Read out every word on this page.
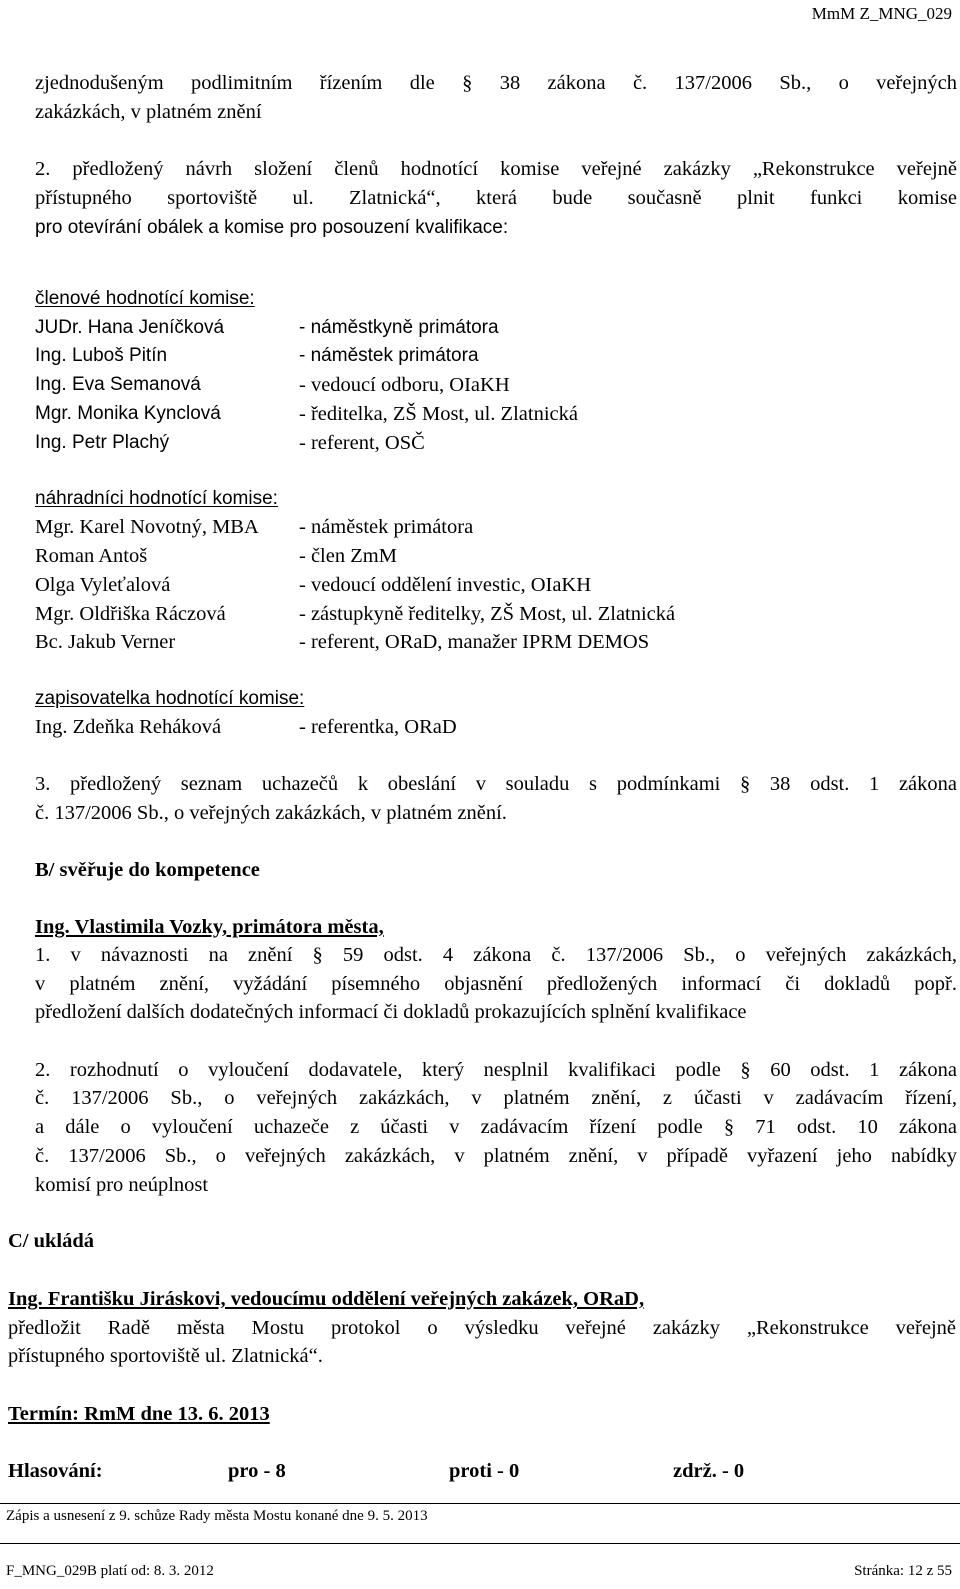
MmM Z_MNG_029
zjednodušeným podlimitním řízením dle § 38 zákona č. 137/2006 Sb., o veřejných
zakázkách, v platném znění
2. předložený návrh složení členů hodnotící komise veřejné zakázky „Rekonstrukce veřejně
přístupného sportoviště ul. Zlatnická“, která bude současně plnit funkci komise
pro otevírání obálek a komise pro posouzení kvalifikace:
členové hodnotící komise:
JUDr. Hana Jeníčková	- náměstkyně primátora
Ing. Luboš Pitín	- náměstek primátora
Ing. Eva Semanová	- vedoucí odboru, OIaKH
Mgr. Monika Kynclová	- ředitelka, ZŠ Most, ul. Zlatnická
Ing. Petr Plachý	- referent, OSČ
náhradníci hodnotící komise:
Mgr. Karel Novotný, MBA - náměstek primátora
Roman Antoš	- člen ZmM
Olga Vyleťalová	- vedoucí oddělení investic, OIaKH
Mgr. Oldřiška Ráczová	- zástupkyně ředitelky, ZŠ Most, ul. Zlatnická
Bc. Jakub Verner	- referent, ORaD, manažer IPRM DEMOS
zapisovatelka hodnotící komise:
Ing. Zdeňka Reháková	- referentka, ORaD
3. předložený seznam uchazečů k obeslání v souladu s podmínkami § 38 odst. 1 zákona
č. 137/2006 Sb., o veřejných zakázkách, v platném znění.
B/ svěřuje do kompetence
Ing. Vlastimila Vozky, primátora města,
1. v návaznosti na znění § 59 odst. 4 zákona č. 137/2006 Sb., o veřejných zakázkách,
v platném znění, vyžádání písemného objasnění předložených informací či dokladů popř.
předložení dalších dodatečných informací či dokladů prokazujících splnění kvalifikace
2. rozhodnutí o vyloučení dodavatele, který nesplnil kvalifikaci podle § 60 odst. 1 zákona
č. 137/2006 Sb., o veřejných zakázkách, v platném znění, z účasti v zadávacím řízení,
a dále o vyloučení uchazeče z účasti v zadávacím řízení podle § 71 odst. 10 zákona
č. 137/2006 Sb., o veřejných zakázkách, v platném znění, v případě vyřazení jeho nabídky
komisí pro neúplnost
C/ ukládá
Ing. Františku Jiráskovi, vedoucímu oddělení veřejných zakázek, ORaD,
předložit Radě města Mostu protokol o výsledku veřejné zakázky „Rekonstrukce veřejně
přístupného sportoviště ul. Zlatnická“.
Termín: RmM dne 13. 6. 2013
Hlasování:	pro - 8	proti - 0	zdrž. - 0
Zápis a usnesení z 9. schůze Rady města Mostu konané dne 9. 5. 2013
F_MNG_029B platí od: 8. 3. 2012	Stránka: 12 z 55
